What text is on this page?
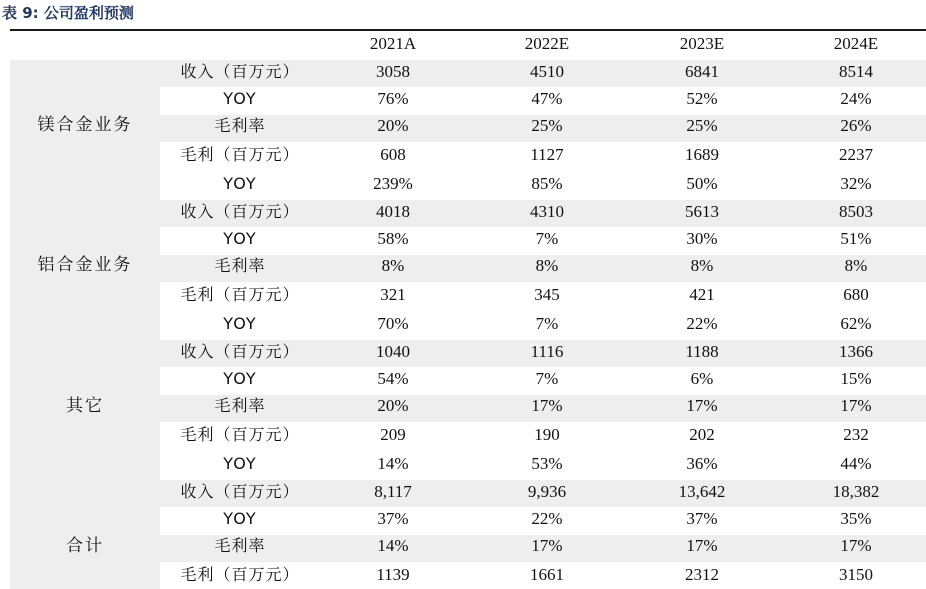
表 9: 公司盈利预测
2021A	2022E	2023E	2024E
镁合金业务
收入（百万元）	3058	4510	6841	8514
YOY	76%	47%	52%	24%
毛利率	20%	25%	25%	26%
毛利（百万元）	608	1127	1689	2237
YOY	239%	85%	50%	32%
铝合金业务
收入（百万元）	4018	4310	5613	8503
YOY	58%	7%	30%	51%
毛利率	8%	8%	8%	8%
毛利（百万元）	321	345	421	680
YOY	70%	7%	22%	62%
其它
收入（百万元）	1040	1116	1188	1366
YOY	54%	7%	6%	15%
毛利率	20%	17%	17%	17%
毛利（百万元）	209	190	202	232
YOY	14%	53%	36%	44%
合计
收入（百万元）	8,117	9,936	13,642	18,382
YOY	37%	22%	37%	35%
毛利率	14%	17%	17%	17%
毛利（百万元）	1139	1661	2312	3150
